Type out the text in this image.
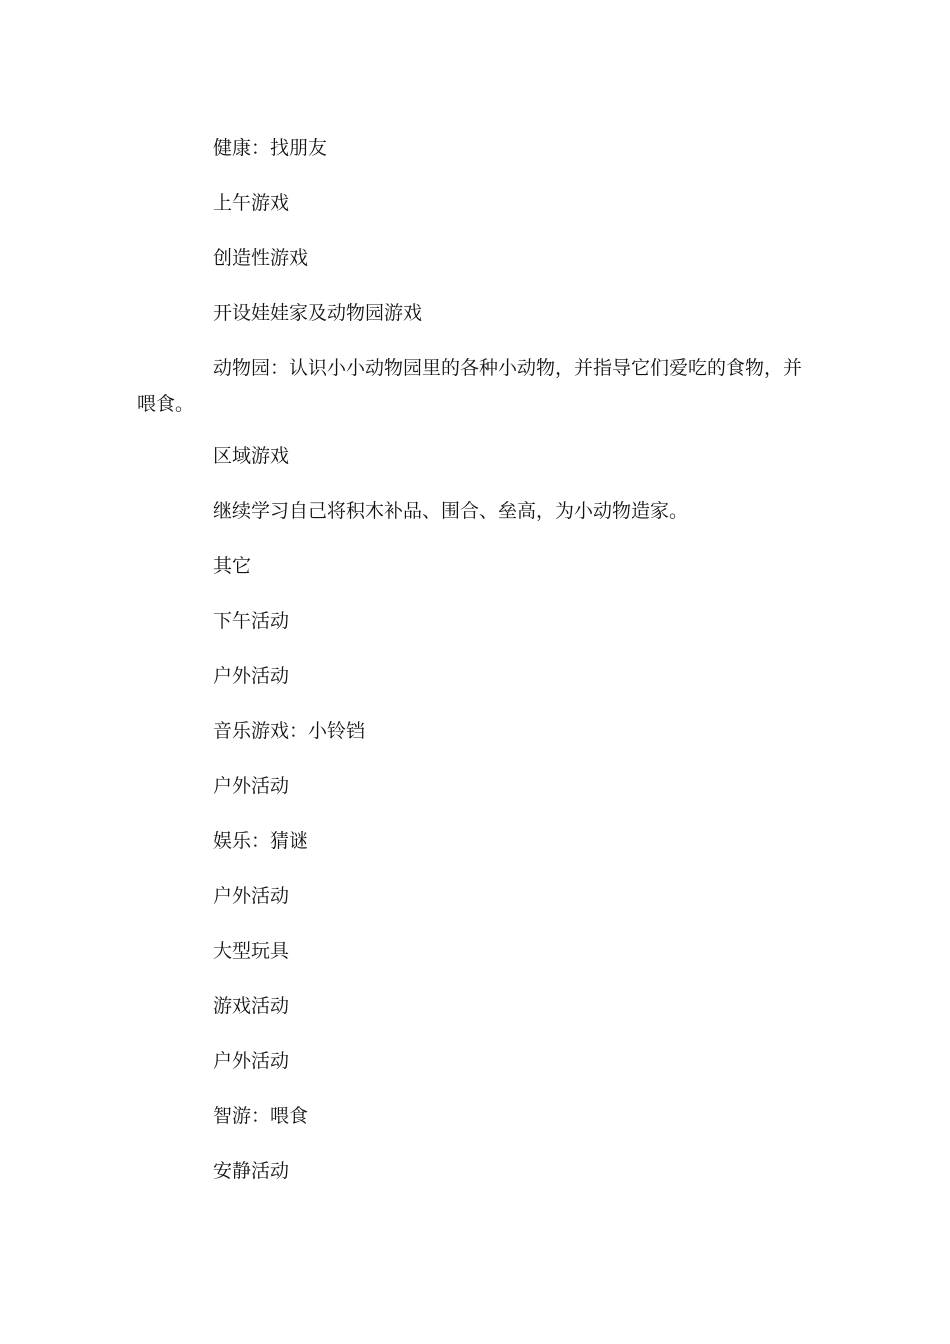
健康：找朋友

上午游戏

创造性游戏

开设娃娃家及动物园游戏

动物园：认识小小动物园里的各种小动物，并指导它们爱吃的食物，并喂食。

区域游戏

继续学习自己将积木补品、围合、垒高，为小动物造家。

其它

下午活动

户外活动

音乐游戏：小铃铛

户外活动

娱乐：猜谜

户外活动

大型玩具

游戏活动

户外活动

智游：喂食

安静活动
